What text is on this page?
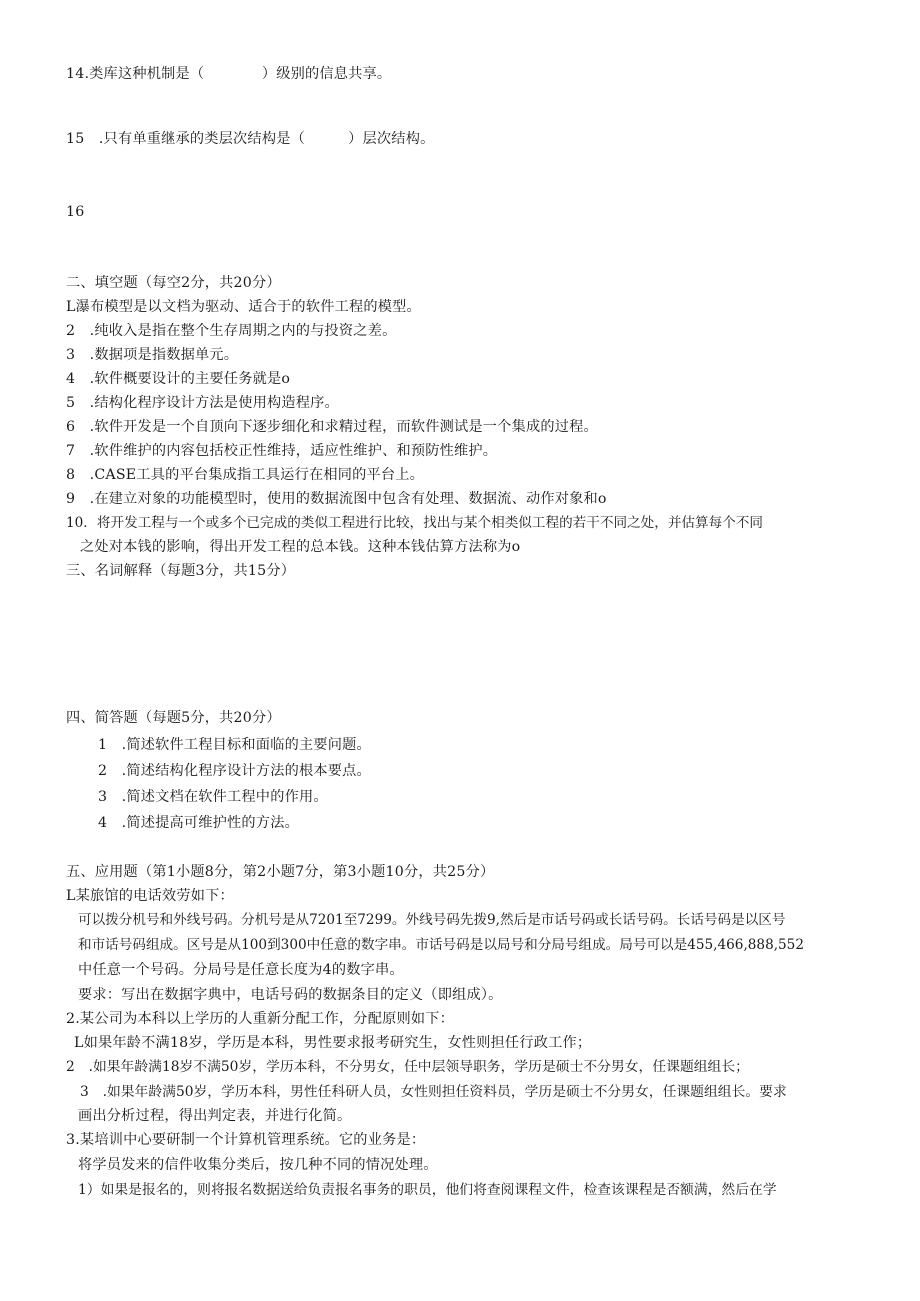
14.类库这种机制是（　　　　）级别的信息共享。
15　.只有单重继承的类层次结构是（　　　）层次结构。
16
二、填空题（每空2分，共20分）
L瀑布模型是以文档为驱动、适合于的软件工程的模型。
2　.纯收入是指在整个生存周期之内的与投资之差。
3　.数据项是指数据单元。
4　.软件概要设计的主要任务就是o
5　.结构化程序设计方法是使用构造程序。
6　.软件开发是一个自顶向下逐步细化和求精过程，而软件测试是一个集成的过程。
7　.软件维护的内容包括校正性维持，适应性维护、和预防性维护。
8　.CASE工具的平台集成指工具运行在相同的平台上。
9　.在建立对象的功能模型时，使用的数据流图中包含有处理、数据流、动作对象和o
10．将开发工程与一个或多个已完成的类似工程进行比较，找出与某个相类似工程的若干不同之处，并估算每个不同
之处对本钱的影响，得出开发工程的总本钱。这种本钱估算方法称为o
三、名词解释（每题3分，共15分）
四、简答题（每题5分，共20分）
1　.简述软件工程目标和面临的主要问题。
2　.简述结构化程序设计方法的根本要点。
3　.简述文档在软件工程中的作用。
4　.简述提高可维护性的方法。
五、应用题（第1小题8分，第2小题7分，第3小题10分，共25分）
L某旅馆的电话效劳如下：
可以拨分机号和外线号码。分机号是从7201至7299。外线号码先拨9,然后是市话号码或长话号码。长话号码是以区号
和市话号码组成。区号是从100到300中任意的数字串。市话号码是以局号和分局号组成。局号可以是455,466,888,552
中任意一个号码。分局号是任意长度为4的数字串。
要求：写出在数据字典中，电话号码的数据条目的定义（即组成）。
2.某公司为本科以上学历的人重新分配工作，分配原则如下：
L如果年龄不满18岁，学历是本科，男性要求报考研究生，女性则担任行政工作；
2　.如果年龄满18岁不满50岁，学历本科，不分男女，任中层领导职务，学历是硕士不分男女，任课题组组长；
3　.如果年龄满50岁，学历本科，男性任科研人员，女性则担任资料员，学历是硕士不分男女，任课题组组长。要求
画出分析过程，得出判定表，并进行化简。
3.某培训中心要研制一个计算机管理系统。它的业务是：
将学员发来的信件收集分类后，按几种不同的情况处理。
1）如果是报名的，则将报名数据送给负责报名事务的职员，他们将查阅课程文件，检查该课程是否额满，然后在学
